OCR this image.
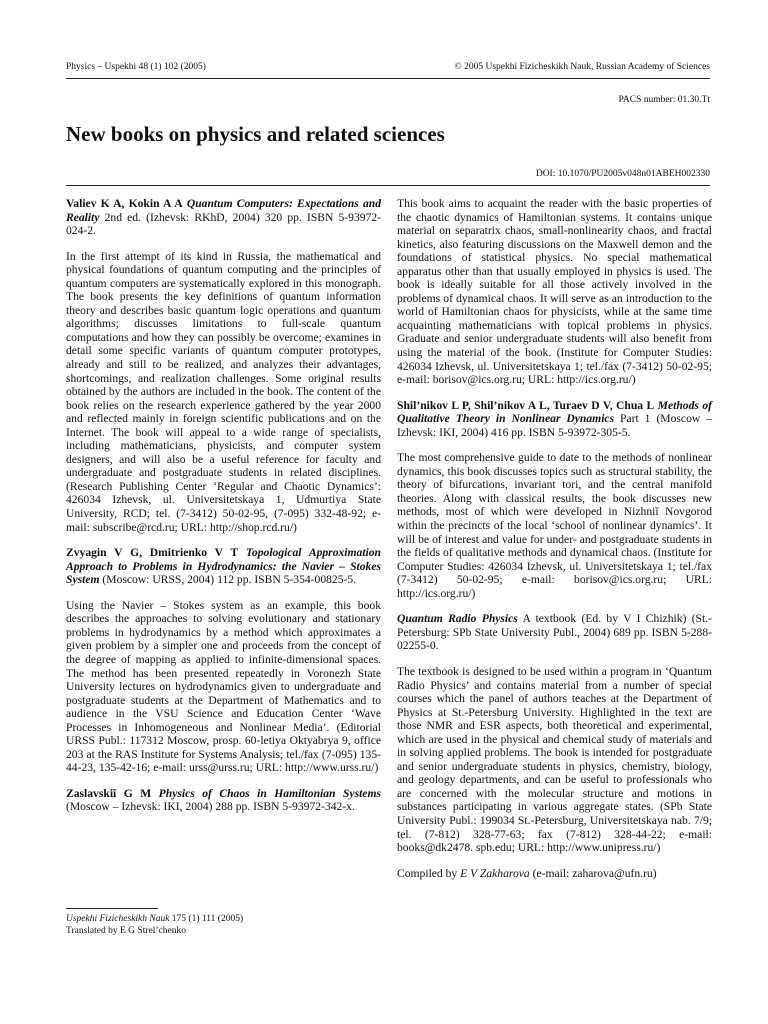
Physics – Uspekhi 48 (1) 102 (2005)	© 2005 Uspekhi Fizicheskikh Nauk, Russian Academy of Sciences
PACS number: 01.30.Tt
New books on physics and related sciences
DOI: 10.1070/PU2005v048n01ABEH002330

Valiev K A, Kokin A A Quantum Computers: Expectations and Reality 2nd ed. (Izhevsk: RKhD, 2004) 320 pp. ISBN 5-93972-024-2.

In the first attempt of its kind in Russia, the mathematical and physical foundations of quantum computing and the principles of quantum computers are systematically explored in this monograph. The book presents the key definitions of quantum information theory and describes basic quantum logic operations and quantum algorithms; discusses limitations to full-scale quantum computations and how they can possibly be overcome; examines in detail some specific variants of quantum computer prototypes, already and still to be realized, and analyzes their advantages, shortcomings, and realization challenges. Some original results obtained by the authors are included in the book. The content of the book relies on the research experience gathered by the year 2000 and reflected mainly in foreign scientific publications and on the Internet. The book will appeal to a wide range of specialists, including mathematicians, physicists, and computer system designers, and will also be a useful reference for faculty and undergraduate and postgraduate students in related disciplines. (Research Publishing Center ‘Regular and Chaotic Dynamics’: 426034 Izhevsk, ul. Universitetskaya 1, Udmurtiya State University, RCD; tel. (7-3412) 50-02-95, (7-095) 332-48-92; e-mail: subscribe@rcd.ru; URL: http://shop.rcd.ru/)

Zvyagin V G, Dmitrienko V T Topological Approximation Approach to Problems in Hydrodynamics: the Navier – Stokes System (Moscow: URSS, 2004) 112 pp. ISBN 5-354-00825-5.

Using the Navier – Stokes system as an example, this book describes the approaches to solving evolutionary and stationary problems in hydrodynamics by a method which approximates a given problem by a simpler one and proceeds from the concept of the degree of mapping as applied to infinite-dimensional spaces. The method has been presented repeatedly in Voronezh State University lectures on hydrodynamics given to undergraduate and postgraduate students at the Department of Mathematics and to audience in the VSU Science and Education Center ‘Wave Processes in Inhomogeneous and Nonlinear Media’. (Editorial URSS Publ.: 117312 Moscow, prosp. 60-letiya Oktyabrya 9, office 203 at the RAS Institute for Systems Analysis; tel./fax (7-095) 135-44-23, 135-42-16; e-mail: urss@urss.ru; URL: http://www.urss.ru/)

Zaslavskiĭ G M Physics of Chaos in Hamiltonian Systems (Moscow – Izhevsk: IKI, 2004) 288 pp. ISBN 5-93972-342-x.

This book aims to acquaint the reader with the basic properties of the chaotic dynamics of Hamiltonian systems. It contains unique material on separatrix chaos, small-nonlinearity chaos, and fractal kinetics, also featuring discussions on the Maxwell demon and the foundations of statistical physics. No special mathematical apparatus other than that usually employed in physics is used. The book is ideally suitable for all those actively involved in the problems of dynamical chaos. It will serve as an introduction to the world of Hamiltonian chaos for physicists, while at the same time acquainting mathematicians with topical problems in physics. Graduate and senior undergraduate students will also benefit from using the material of the book. (Institute for Computer Studies: 426034 Izhevsk, ul. Universitetskaya 1; tel./fax (7-3412) 50-02-95; e-mail: borisov@ics.org.ru; URL: http://ics.org.ru/)

Shil’nikov L P, Shil’nikov A L, Turaev D V, Chua L Methods of Qualitative Theory in Nonlinear Dynamics Part 1 (Moscow – Izhevsk: IKI, 2004) 416 pp. ISBN 5-93972-305-5.

The most comprehensive guide to date to the methods of nonlinear dynamics, this book discusses topics such as structural stability, the theory of bifurcations, invariant tori, and the central manifold theories. Along with classical results, the book discusses new methods, most of which were developed in Nizhniĭ Novgorod within the precincts of the local ‘school of nonlinear dynamics’. It will be of interest and value for under- and postgraduate students in the fields of qualitative methods and dynamical chaos. (Institute for Computer Studies: 426034 Izhevsk, ul. Universitetskaya 1; tel./fax (7-3412) 50-02-95; e-mail: borisov@ics.org.ru; URL: http://ics.org.ru/)

Quantum Radio Physics A textbook (Ed. by V I Chizhik) (St.-Petersburg: SPb State University Publ., 2004) 689 pp. ISBN 5-288-02255-0.

The textbook is designed to be used within a program in ‘Quantum Radio Physics’ and contains material from a number of special courses which the panel of authors teaches at the Department of Physics at St.-Petersburg University. Highlighted in the text are those NMR and ESR aspects, both theoretical and experimental, which are used in the physical and chemical study of materials and in solving applied problems. The book is intended for postgraduate and senior undergraduate students in physics, chemistry, biology, and geology departments, and can be useful to professionals who are concerned with the molecular structure and motions in substances participating in various aggregate states. (SPb State University Publ.: 199034 St.-Petersburg, Universitetskaya nab. 7/9; tel. (7-812) 328-77-63; fax (7-812) 328-44-22; e-mail: books@dk2478. spb.edu; URL: http://www.unipress.ru/)

Compiled by E V Zakharova (e-mail: zaharova@ufn.ru)

Uspekhi Fizicheskikh Nauk 175 (1) 111 (2005)
Translated by E G Strel’chenko
